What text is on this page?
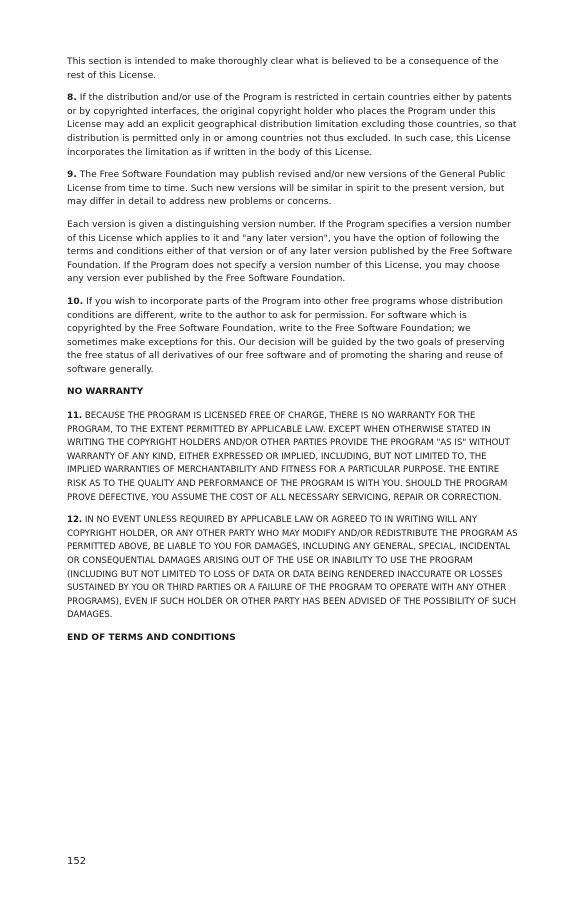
This section is intended to make thoroughly clear what is believed to be a consequence of the rest of this License.

8. If the distribution and/or use of the Program is restricted in certain countries either by patents or by copyrighted interfaces, the original copyright holder who places the Program under this License may add an explicit geographical distribution limitation excluding those countries, so that distribution is permitted only in or among countries not thus excluded. In such case, this License incorporates the limitation as if written in the body of this License.

9. The Free Software Foundation may publish revised and/or new versions of the General Public License from time to time. Such new versions will be similar in spirit to the present version, but may differ in detail to address new problems or concerns.

Each version is given a distinguishing version number. If the Program specifies a version number of this License which applies to it and "any later version", you have the option of following the terms and conditions either of that version or of any later version published by the Free Software Foundation. If the Program does not specify a version number of this License, you may choose any version ever published by the Free Software Foundation.

10. If you wish to incorporate parts of the Program into other free programs whose distribution conditions are different, write to the author to ask for permission. For software which is copyrighted by the Free Software Foundation, write to the Free Software Foundation; we sometimes make exceptions for this. Our decision will be guided by the two goals of preserving the free status of all derivatives of our free software and of promoting the sharing and reuse of software generally.

NO WARRANTY

11. BECAUSE THE PROGRAM IS LICENSED FREE OF CHARGE, THERE IS NO WARRANTY FOR THE PROGRAM, TO THE EXTENT PERMITTED BY APPLICABLE LAW. EXCEPT WHEN OTHERWISE STATED IN WRITING THE COPYRIGHT HOLDERS AND/OR OTHER PARTIES PROVIDE THE PROGRAM "AS IS" WITHOUT WARRANTY OF ANY KIND, EITHER EXPRESSED OR IMPLIED, INCLUDING, BUT NOT LIMITED TO, THE IMPLIED WARRANTIES OF MERCHANTABILITY AND FITNESS FOR A PARTICULAR PURPOSE. THE ENTIRE RISK AS TO THE QUALITY AND PERFORMANCE OF THE PROGRAM IS WITH YOU. SHOULD THE PROGRAM PROVE DEFECTIVE, YOU ASSUME THE COST OF ALL NECESSARY SERVICING, REPAIR OR CORRECTION.

12. IN NO EVENT UNLESS REQUIRED BY APPLICABLE LAW OR AGREED TO IN WRITING WILL ANY COPYRIGHT HOLDER, OR ANY OTHER PARTY WHO MAY MODIFY AND/OR REDISTRIBUTE THE PROGRAM AS PERMITTED ABOVE, BE LIABLE TO YOU FOR DAMAGES, INCLUDING ANY GENERAL, SPECIAL, INCIDENTAL OR CONSEQUENTIAL DAMAGES ARISING OUT OF THE USE OR INABILITY TO USE THE PROGRAM (INCLUDING BUT NOT LIMITED TO LOSS OF DATA OR DATA BEING RENDERED INACCURATE OR LOSSES SUSTAINED BY YOU OR THIRD PARTIES OR A FAILURE OF THE PROGRAM TO OPERATE WITH ANY OTHER PROGRAMS), EVEN IF SUCH HOLDER OR OTHER PARTY HAS BEEN ADVISED OF THE POSSIBILITY OF SUCH DAMAGES.

END OF TERMS AND CONDITIONS

152
